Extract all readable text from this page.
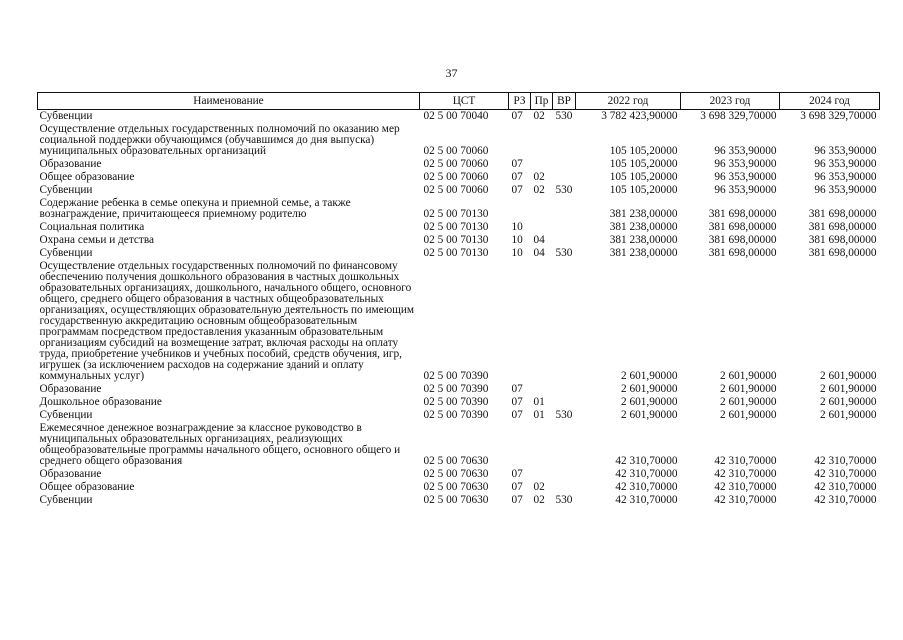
37
Наименование	ЦСТ	РЗ	Пр	ВР	2022 год	2023 год	2024 год
Субвенции	02 5 00 70040	07	02	530	3 782 423,90000	3 698 329,70000	3 698 329,70000
Осуществление отдельных государственных полномочий по оказанию мер социальной поддержки обучающимся (обучавшимся до дня выпуска) муниципальных образовательных организаций	02 5 00 70060				105 105,20000	96 353,90000	96 353,90000
Образование	02 5 00 70060	07			105 105,20000	96 353,90000	96 353,90000
Общее образование	02 5 00 70060	07	02		105 105,20000	96 353,90000	96 353,90000
Субвенции	02 5 00 70060	07	02	530	105 105,20000	96 353,90000	96 353,90000
Содержание ребенка в семье опекуна и приемной семье, а также вознаграждение, причитающееся приемному родителю	02 5 00 70130				381 238,00000	381 698,00000	381 698,00000
Социальная политика	02 5 00 70130	10			381 238,00000	381 698,00000	381 698,00000
Охрана семьи и детства	02 5 00 70130	10	04		381 238,00000	381 698,00000	381 698,00000
Субвенции	02 5 00 70130	10	04	530	381 238,00000	381 698,00000	381 698,00000
Осуществление отдельных государственных полномочий по финансовому обеспечению получения дошкольного образования в частных дошкольных образовательных организациях, дошкольного, начального общего, основного общего, среднего общего образования в частных общеобразовательных организациях, осуществляющих образовательную деятельность по имеющим государственную аккредитацию основным общеобразовательным программам посредством предоставления указанным образовательным организациям субсидий на возмещение затрат, включая расходы на оплату труда, приобретение учебников и учебных пособий, средств обучения, игр, игрушек (за исключением расходов на содержание зданий и оплату коммунальных услуг)	02 5 00 70390				2 601,90000	2 601,90000	2 601,90000
Образование	02 5 00 70390	07			2 601,90000	2 601,90000	2 601,90000
Дошкольное образование	02 5 00 70390	07	01		2 601,90000	2 601,90000	2 601,90000
Субвенции	02 5 00 70390	07	01	530	2 601,90000	2 601,90000	2 601,90000
Ежемесячное денежное вознаграждение за классное руководство в муниципальных образовательных организациях, реализующих общеобразовательные программы начального общего, основного общего и среднего общего образования	02 5 00 70630				42 310,70000	42 310,70000	42 310,70000
Образование	02 5 00 70630	07			42 310,70000	42 310,70000	42 310,70000
Общее образование	02 5 00 70630	07	02		42 310,70000	42 310,70000	42 310,70000
Субвенции	02 5 00 70630	07	02	530	42 310,70000	42 310,70000	42 310,70000
